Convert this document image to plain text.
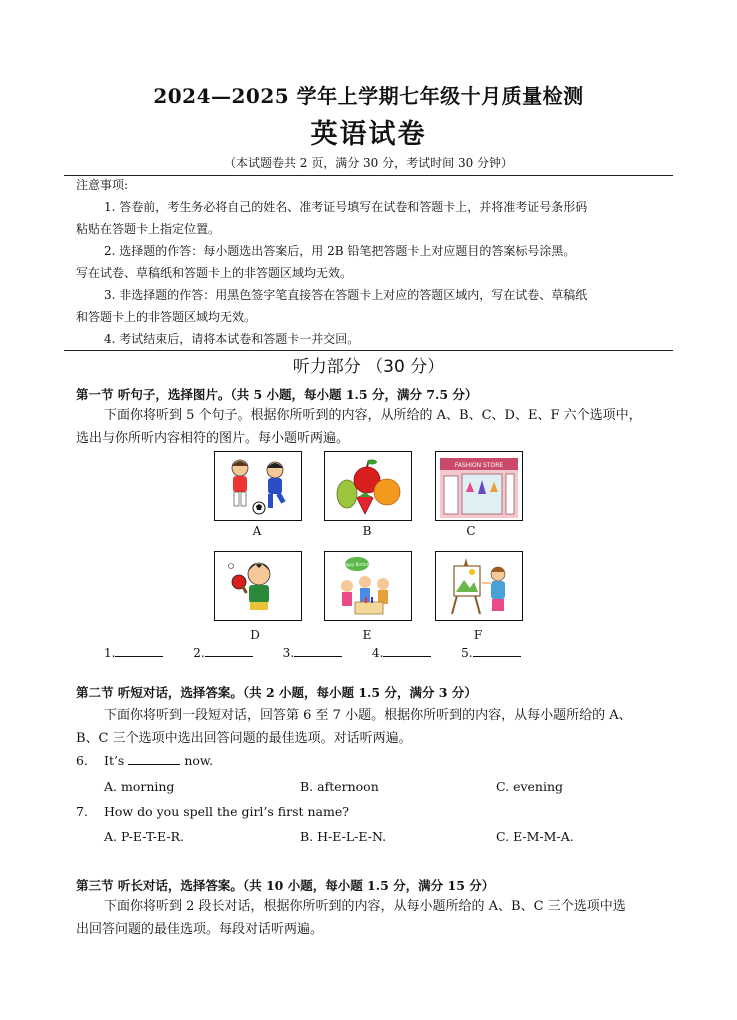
2024—2025 学年上学期七年级十月质量检测
英语试卷
（本试题卷共 2 页，满分 30 分，考试时间 30 分钟）
注意事项:
1. 答卷前，考生务必将自己的姓名、准考证号填写在试卷和答题卡上，并将准考证号条形码
粘贴在答题卡上指定位置。
2. 选择题的作答：每小题选出答案后，用 2B 铅笔把答题卡上对应题目的答案标号涂黑。
写在试卷、草稿纸和答题卡上的非答题区域均无效。
3. 非选择题的作答：用黑色签字笔直接答在答题卡上对应的答题区域内，写在试卷、草稿纸
和答题卡上的非答题区域均无效。
4. 考试结束后，请将本试卷和答题卡一并交回。
听力部分 （30 分）
第一节 听句子，选择图片。（共 5 小题，每小题 1.5 分，满分 7.5 分）
下面你将听到 5 个句子。根据你所听到的内容，从所给的 A、B、C、D、E、F 六个选项中，
选出与你所听内容相符的图片。每小题听两遍。
A	B
FASHION STORE
C
D
Happy Birthday
E	F
1.	2.	3.	4.	5.
第二节 听短对话，选择答案。（共 2 小题，每小题 1.5 分，满分 3 分）
下面你将听到一段短对话，回答第 6 至 7 小题。根据你所听到的内容，从每小题所给的 A、
B、C 三个选项中选出回答问题的最佳选项。对话听两遍。
6. It’s	now.
A. morning	B. afternoon	C. evening
7. How do you spell the girl’s first name?
A. P-E-T-E-R.	B. H-E-L-E-N.	C. E-M-M-A.
第三节 听长对话，选择答案。（共 10 小题，每小题 1.5 分，满分 15 分）
下面你将听到 2 段长对话，根据你所听到的内容，从每小题所给的 A、B、C 三个选项中选
出回答问题的最佳选项。每段对话听两遍。
